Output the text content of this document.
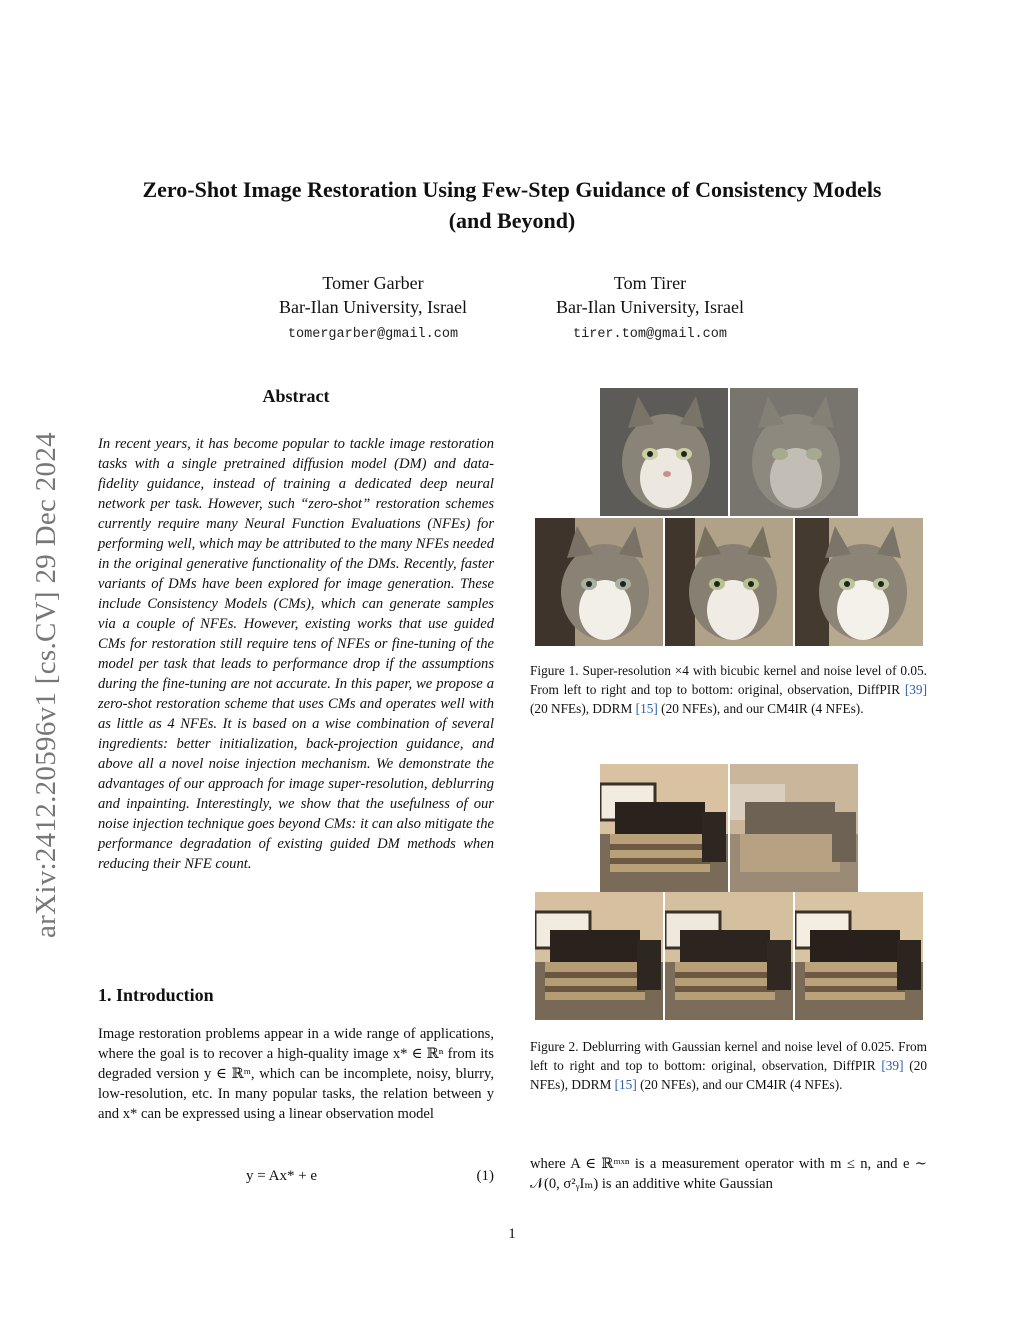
arXiv:2412.20596v1 [cs.CV] 29 Dec 2024
Zero-Shot Image Restoration Using Few-Step Guidance of Consistency Models
(and Beyond)
Tomer Garber
Bar-Ilan University, Israel
tomergarber@gmail.com
Tom Tirer
Bar-Ilan University, Israel
tirer.tom@gmail.com
Abstract
In recent years, it has become popular to tackle image restoration tasks with a single pretrained diffusion model (DM) and data-fidelity guidance, instead of training a dedicated deep neural network per task. However, such “zero-shot” restoration schemes currently require many Neural Function Evaluations (NFEs) for performing well, which may be attributed to the many NFEs needed in the original generative functionality of the DMs. Recently, faster variants of DMs have been explored for image generation. These include Consistency Models (CMs), which can generate samples via a couple of NFEs. However, existing works that use guided CMs for restoration still require tens of NFEs or fine-tuning of the model per task that leads to performance drop if the assumptions during the fine-tuning are not accurate. In this paper, we propose a zero-shot restoration scheme that uses CMs and operates well with as little as 4 NFEs. It is based on a wise combination of several ingredients: better initialization, back-projection guidance, and above all a novel noise injection mechanism. We demonstrate the advantages of our approach for image super-resolution, deblurring and inpainting. Interestingly, we show that the usefulness of our noise injection technique goes beyond CMs: it can also mitigate the performance degradation of existing guided DM methods when reducing their NFE count.
1. Introduction
Image restoration problems appear in a wide range of applications, where the goal is to recover a high-quality image x* ∈ ℝⁿ from its degraded version y ∈ ℝᵐ, which can be incomplete, noisy, blurry, low-resolution, etc. In many popular tasks, the relation between y and x* can be expressed using a linear observation model
y = Ax* + e	(1)
Figure 1. Super-resolution ×4 with bicubic kernel and noise level of 0.05. From left to right and top to bottom: original, observation, DiffPIR [39] (20 NFEs), DDRM [15] (20 NFEs), and our CM4IR (4 NFEs).
Figure 2. Deblurring with Gaussian kernel and noise level of 0.025. From left to right and top to bottom: original, observation, DiffPIR [39] (20 NFEs), DDRM [15] (20 NFEs), and our CM4IR (4 NFEs).
where A ∈ ℝᵐˣⁿ is a measurement operator with m ≤ n, and e ∼ 𝒩(0, σ²ᵧIₘ) is an additive white Gaussian
1
